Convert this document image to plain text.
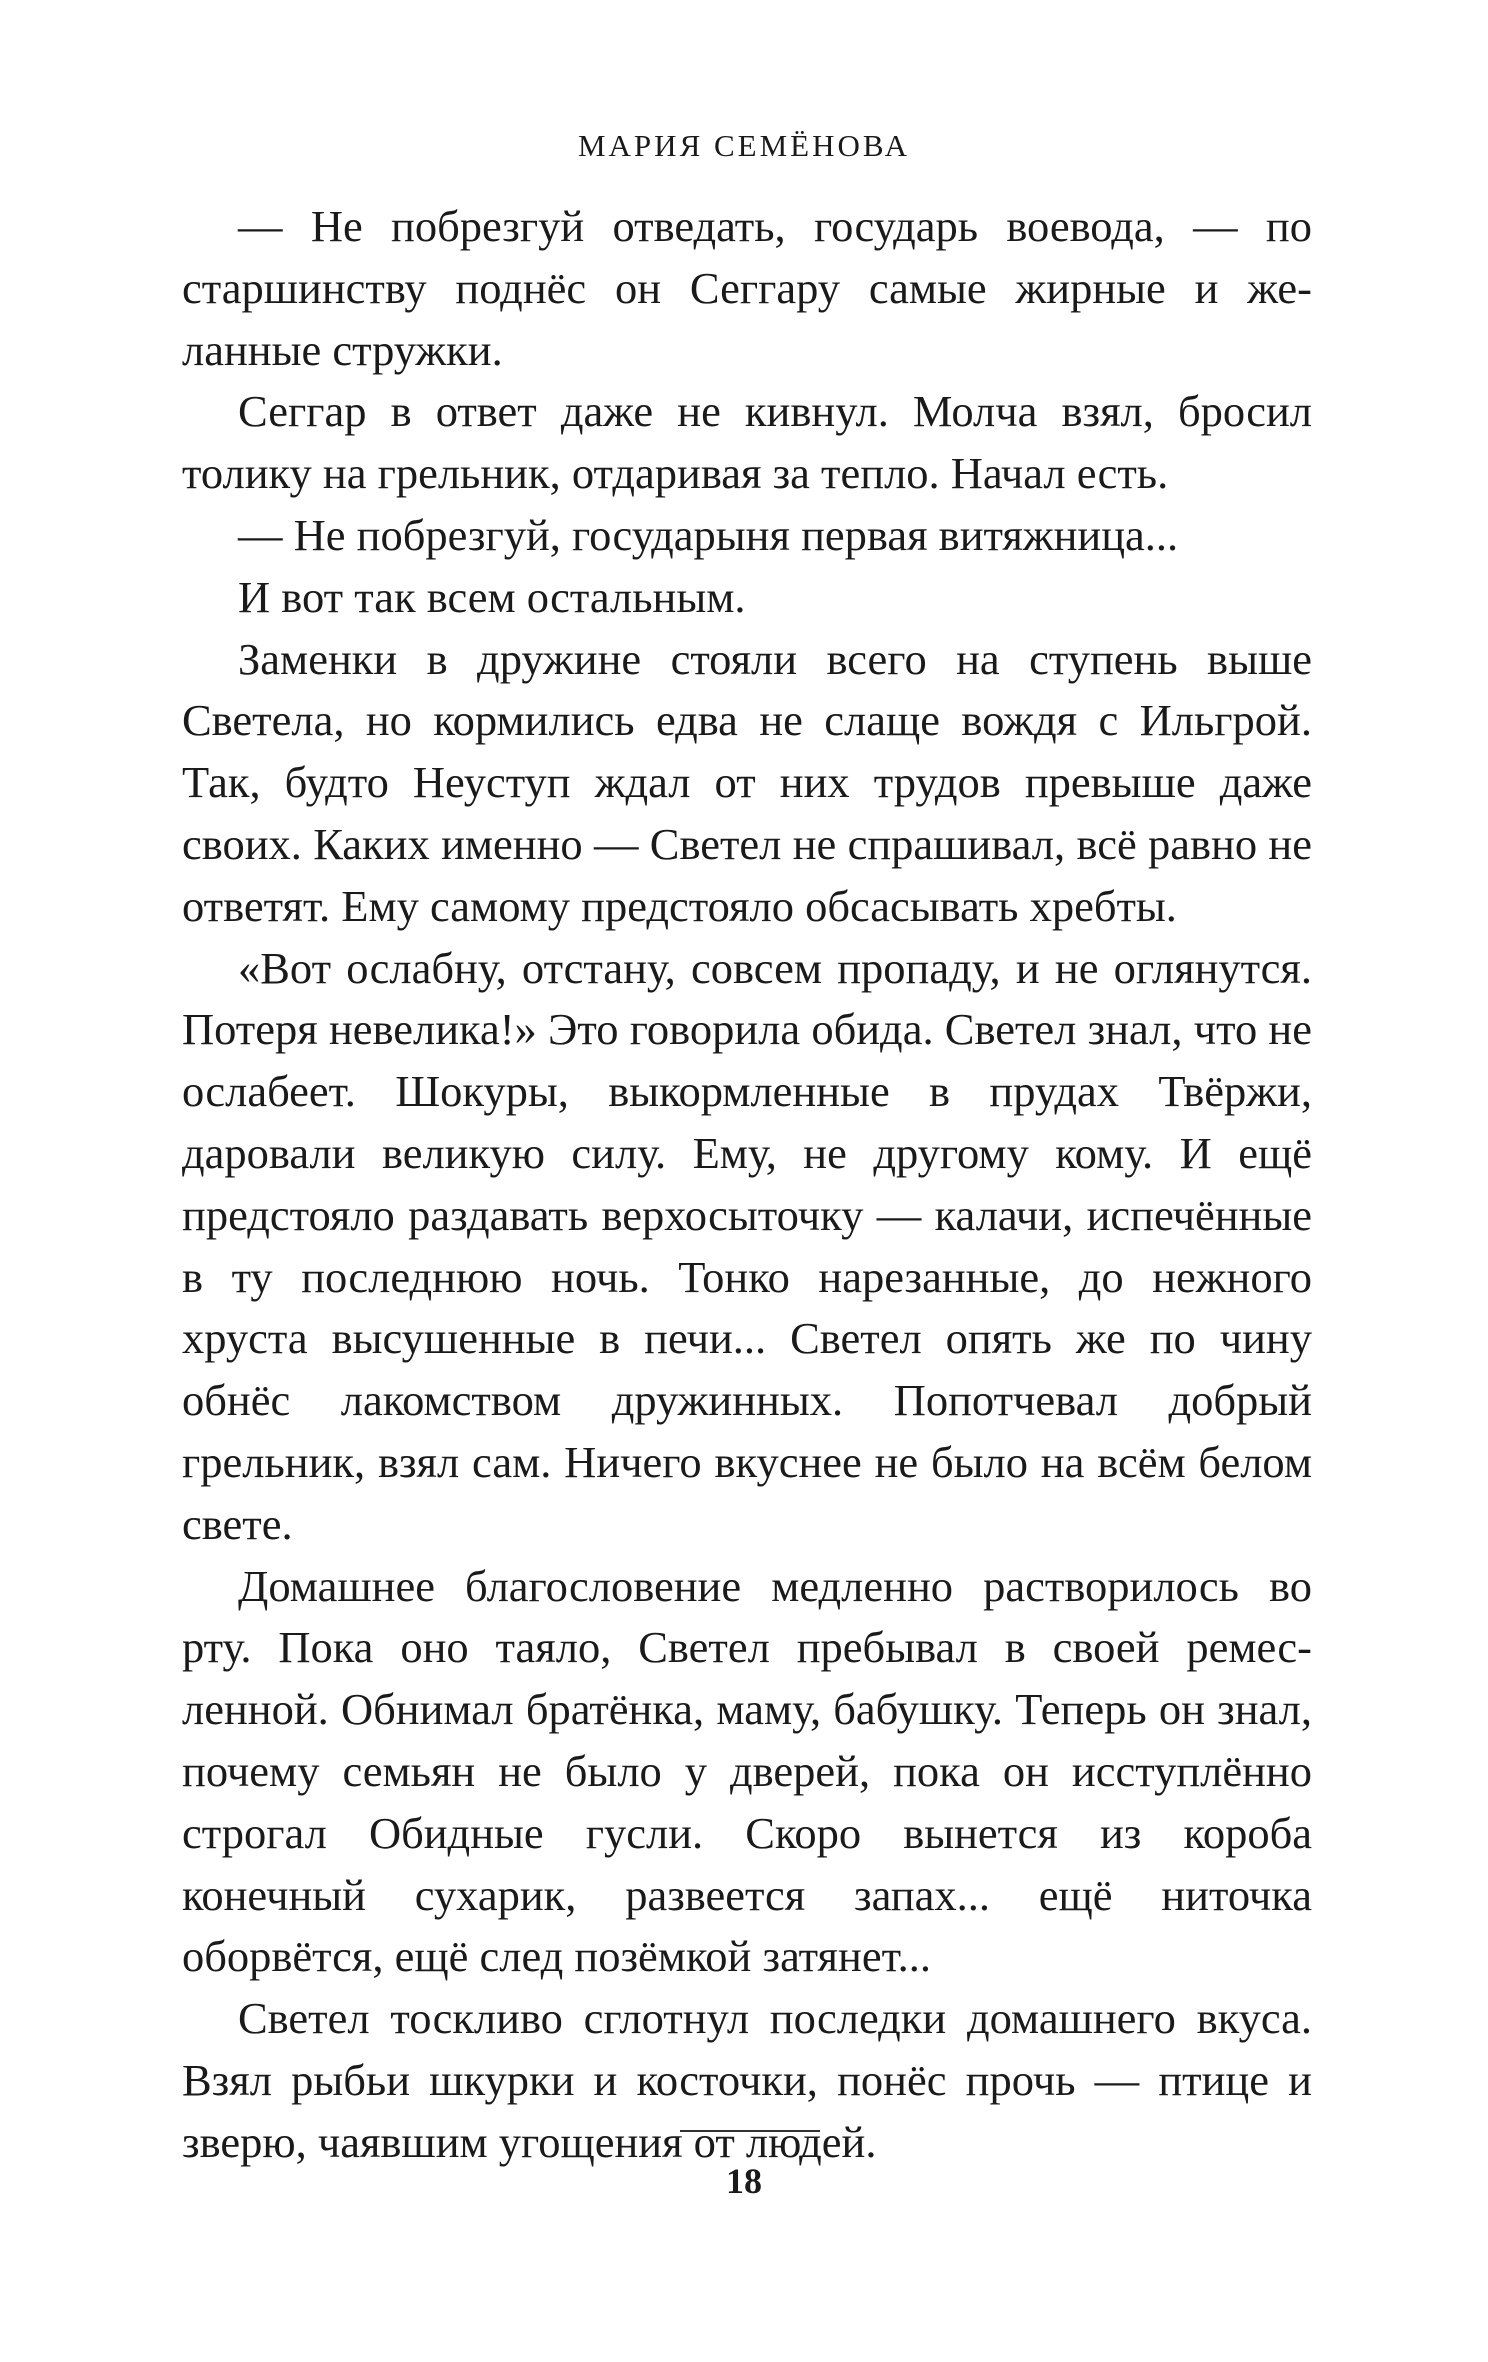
МАРИЯ СЕМЁНОВА

— Не побрезгуй отведать, государь воевода, — по старшинству поднёс он Сеггару самые жирные и желанные стружки.

Сеггар в ответ даже не кивнул. Молча взял, бросил толику на грельник, отдаривая за тепло. Начал есть.

— Не побрезгуй, государыня первая витяжница...

И вот так всем остальным.

Заменки в дружине стояли всего на ступень выше Светела, но кормились едва не слаще вождя с Ильгрой. Так, будто Неуступ ждал от них трудов превыше даже своих. Каких именно — Светел не спрашивал, всё равно не ответят. Ему самому предстояло обсасывать хребты.

«Вот ослабну, отстану, совсем пропаду, и не оглянутся. Потеря невелика!» Это говорила обида. Светел знал, что не ослабеет. Шокуры, выкормленные в прудах Твёржи, даровали великую силу. Ему, не другому кому. И ещё предстояло раздавать верхосыточку — калачи, испечённые в ту последнюю ночь. Тонко нарезанные, до нежного хруста высушенные в печи... Светел опять же по чину обнёс лакомством дружинных. Попотчевал добрый грельник, взял сам. Ничего вкуснее не было на всём белом свете.

Домашнее благословение медленно растворилось во рту. Пока оно таяло, Светел пребывал в своей ремесленной. Обнимал братёнка, маму, бабушку. Теперь он знал, почему семьян не было у дверей, пока он исступлённо строгал Обидные гусли. Скоро вынется из короба конечный сухарик, развеется запах... ещё ниточка оборвётся, ещё след позёмкой затянет...

Светел тоскливо сглотнул последки домашнего вкуса. Взял рыбьи шкурки и косточки, понёс прочь — птице и зверю, чаявшим угощения от людей.

18
